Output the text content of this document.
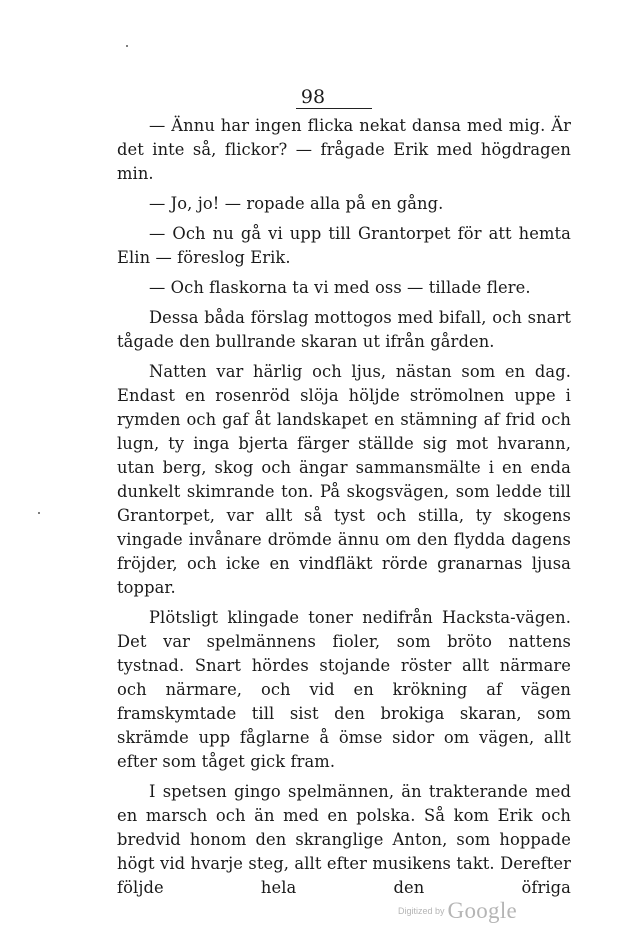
98

— Ännu har ingen flicka nekat dansa med mig. Är det inte så, flickor? — frågade Erik med högdragen min.

— Jo, jo! — ropade alla på en gång.

— Och nu gå vi upp till Grantorpet för att hemta Elin — föreslog Erik.

— Och flaskorna ta vi med oss — tillade flere.

Dessa båda förslag mottogos med bifall, och snart tågade den bullrande skaran ut ifrån gården.

Natten var härlig och ljus, nästan som en dag. Endast en rosenröd slöja höljde strömolnen uppe i rymden och gaf åt landskapet en stämning af frid och lugn, ty inga bjerta färger ställde sig mot hvarann, utan berg, skog och ängar sammansmälte i en enda dunkelt skimrande ton. På skogsvägen, som ledde till Grantorpet, var allt så tyst och stilla, ty skogens vingade invånare drömde ännu om den flydda dagens fröjder, och icke en vindfläkt rörde granarnas ljusa toppar.

Plötsligt klingade toner nedifrån Hacksta-vägen. Det var spelmännens fioler, som bröto nattens tystnad. Snart hördes stojande röster allt närmare och närmare, och vid en krökning af vägen framskymtade till sist den brokiga skaran, som skrämde upp fåglarne å ömse sidor om vägen, allt efter som tåget gick fram.

I spetsen gingo spelmännen, än trakterande med en marsch och än med en polska. Så kom Erik och bredvid honom den skranglige Anton, som hoppade högt vid hvarje steg, allt efter musikens takt. Derefter följde hela den öfriga

$^{Digitized by}$ Google
